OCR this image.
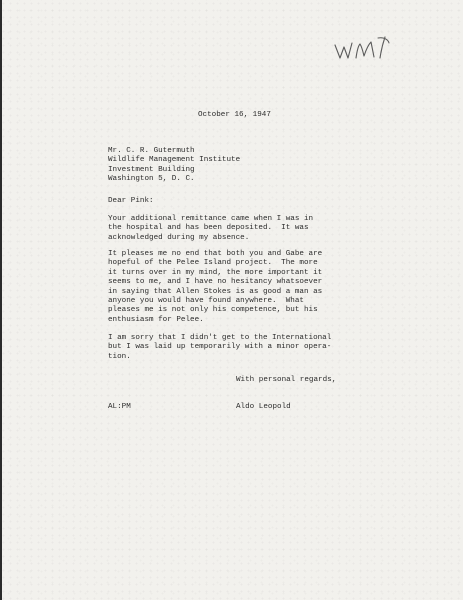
October 16, 1947

Mr. C. R. Gutermuth
Wildlife Management Institute
Investment Building
Washington 5, D. C.

Dear Pink:

Your additional remittance came when I was in
the hospital and has been deposited.  It was
acknowledged during my absence.
It pleases me no end that both you and Gabe are
hopeful of the Pelee Island project.  The more
it turns over in my mind, the more important it
seems to me, and I have no hesitancy whatsoever
in saying that Allen Stokes is as good a man as
anyone you would have found anywhere.  What
pleases me is not only his competence, but his
enthusiasm for Pelee.
I am sorry that I didn't get to the International
but I was laid up temporarily with a minor opera-
tion.

With personal regards,

AL:PM	Aldo Leopold
